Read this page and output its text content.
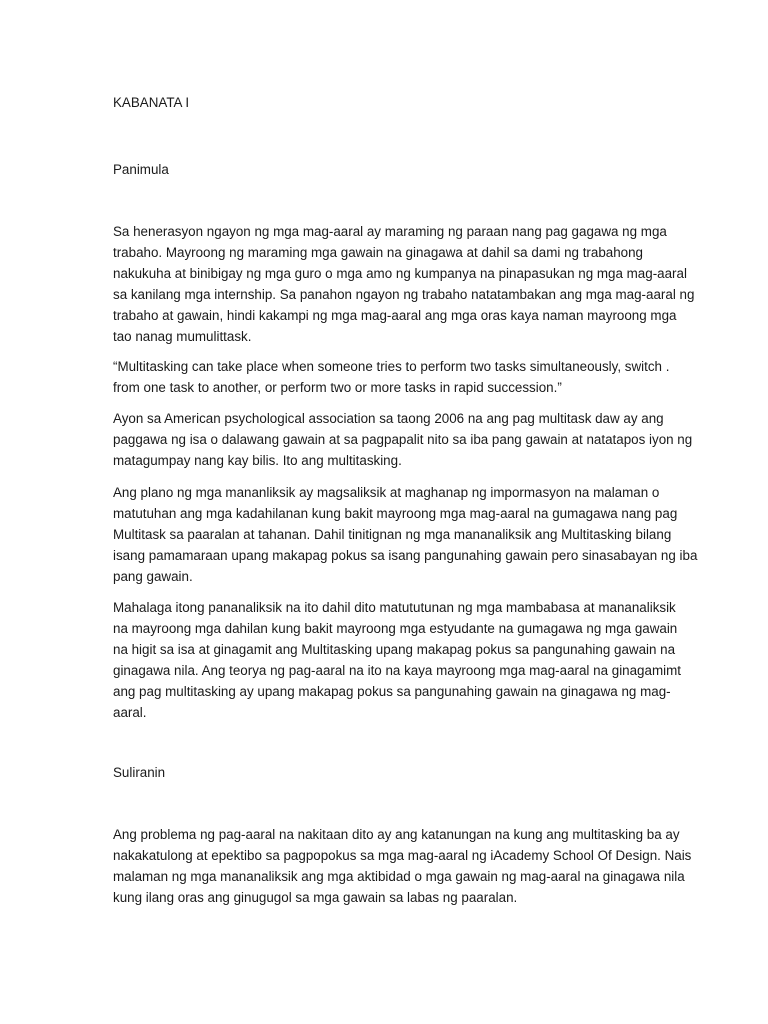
KABANATA I
Panimula

Sa henerasyon ngayon ng mga mag-aaral ay maraming ng paraan nang pag gagawa ng mga
trabaho. Mayroong ng maraming mga gawain na ginagawa at dahil sa dami ng trabahong
nakukuha at binibigay ng mga guro o mga amo ng kumpanya na pinapasukan ng mga mag-aaral
sa kanilang mga internship. Sa panahon ngayon ng trabaho natatambakan ang mga mag-aaral ng
trabaho at gawain, hindi kakampi ng mga mag-aaral ang mga oras kaya naman mayroong mga
tao nanag mumulittask.

“Multitasking can take place when someone tries to perform two tasks simultaneously, switch .
from one task to another, or perform two or more tasks in rapid succession.”

Ayon sa American psychological association sa taong 2006 na ang pag multitask daw ay ang
paggawa ng isa o dalawang gawain at sa pagpapalit nito sa iba pang gawain at natatapos iyon ng
matagumpay nang kay bilis. Ito ang multitasking.

Ang plano ng mga mananliksik ay magsaliksik at maghanap ng impormasyon na malaman o
matutuhan ang mga kadahilanan kung bakit mayroong mga mag-aaral na gumagawa nang pag
Multitask sa paaralan at tahanan. Dahil tinitignan ng mga mananaliksik ang Multitasking bilang
isang pamamaraan upang makapag pokus sa isang pangunahing gawain pero sinasabayan ng iba
pang gawain.

Mahalaga itong pananaliksik na ito dahil dito matututunan ng mga mambabasa at mananaliksik
na mayroong mga dahilan kung bakit mayroong mga estyudante na gumagawa ng mga gawain
na higit sa isa at ginagamit ang Multitasking upang makapag pokus sa pangunahing gawain na
ginagawa nila. Ang teorya ng pag-aaral na ito na kaya mayroong mga mag-aaral na ginagamimt
ang pag multitasking ay upang makapag pokus sa pangunahing gawain na ginagawa ng mag-
aaral.

Suliranin

Ang problema ng pag-aaral na nakitaan dito ay ang katanungan na kung ang multitasking ba ay
nakakatulong at epektibo sa pagpopokus sa mga mag-aaral ng iAcademy School Of Design. Nais
malaman ng mga mananaliksik ang mga aktibidad o mga gawain ng mag-aaral na ginagawa nila
kung ilang oras ang ginugugol sa mga gawain sa labas ng paaralan.
